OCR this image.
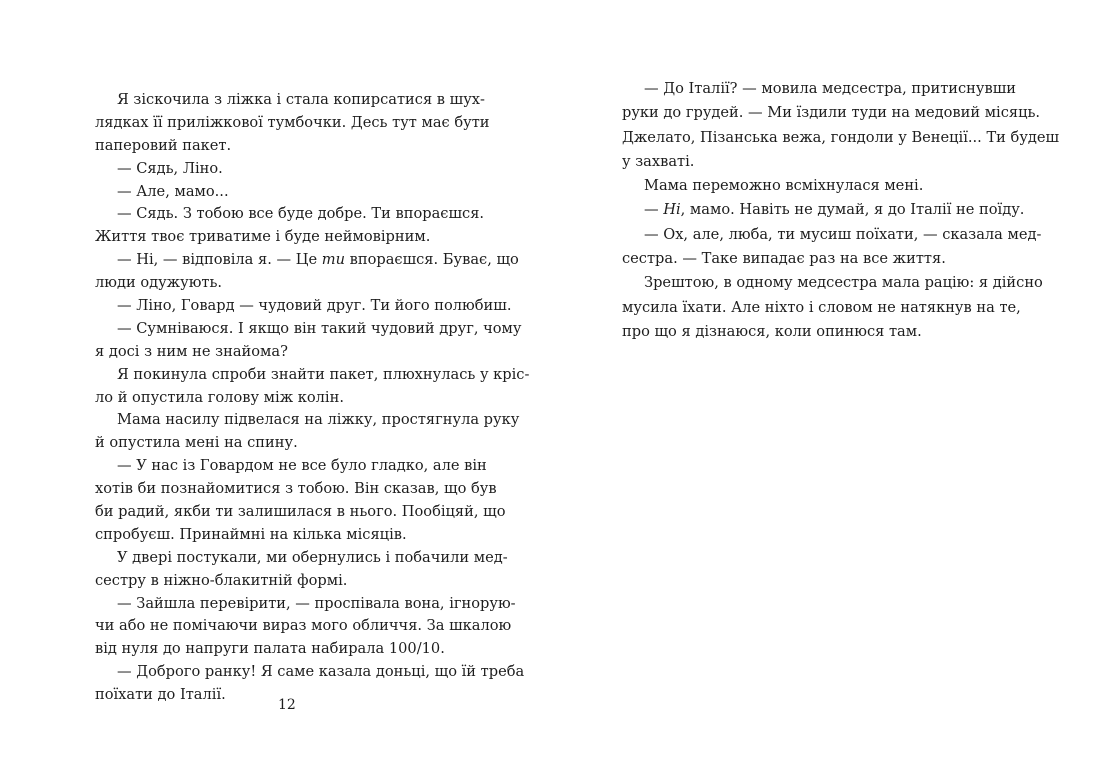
Я зіскочила з ліжка і стала копирсатися в шух-
лядках її приліжкової тумбочки. Десь тут має бути
паперовий пакет.
— Сядь, Ліно.
— Але, мамо...
— Сядь. З тобою все буде добре. Ти впораєшся.
Життя твоє триватиме і буде неймовірним.
— Ні, — відповіла я. — Це ти впораєшся. Буває, що
люди одужують.
— Ліно, Говард — чудовий друг. Ти його полюбиш.
— Сумніваюся. І якщо він такий чудовий друг, чому
я досі з ним не знайома?
Я покинула спроби знайти пакет, плюхнулась у кріс-
ло й опустила голову між колін.
Мама насилу підвелася на ліжку, простягнула руку
й опустила мені на спину.
— У нас із Говардом не все було гладко, але він
хотів би познайомитися з тобою. Він сказав, що був
би радий, якби ти залишилася в нього. Пообіцяй, що
спробуєш. Принаймні на кілька місяців.
У двері постукали, ми обернулись і побачили мед-
сестру в ніжно-блакитній формі.
— Зайшла перевірити, — проспівала вона, ігнорую-
чи або не помічаючи вираз мого обличчя. За шкалою
від нуля до напруги палата набирала 100/10.
— Доброго ранку! Я саме казала доньці, що їй треба
поїхати до Італії.
— До Італії? — мовила медсестра, притиснувши
руки до грудей. — Ми їздили туди на медовий місяць.
Джелато, Пізанська вежа, гондоли у Венеції... Ти будеш
у захваті.
Мама переможно всміхнулася мені.
— Ні, мамо. Навіть не думай, я до Італії не поїду.
— Ох, але, люба, ти мусиш поїхати, — сказала мед-
сестра. — Таке випадає раз на все життя.
Зрештою, в одному медсестра мала рацію: я дійсно
мусила їхати. Але ніхто і словом не натякнув на те,
про що я дізнаюся, коли опинюся там.
12
